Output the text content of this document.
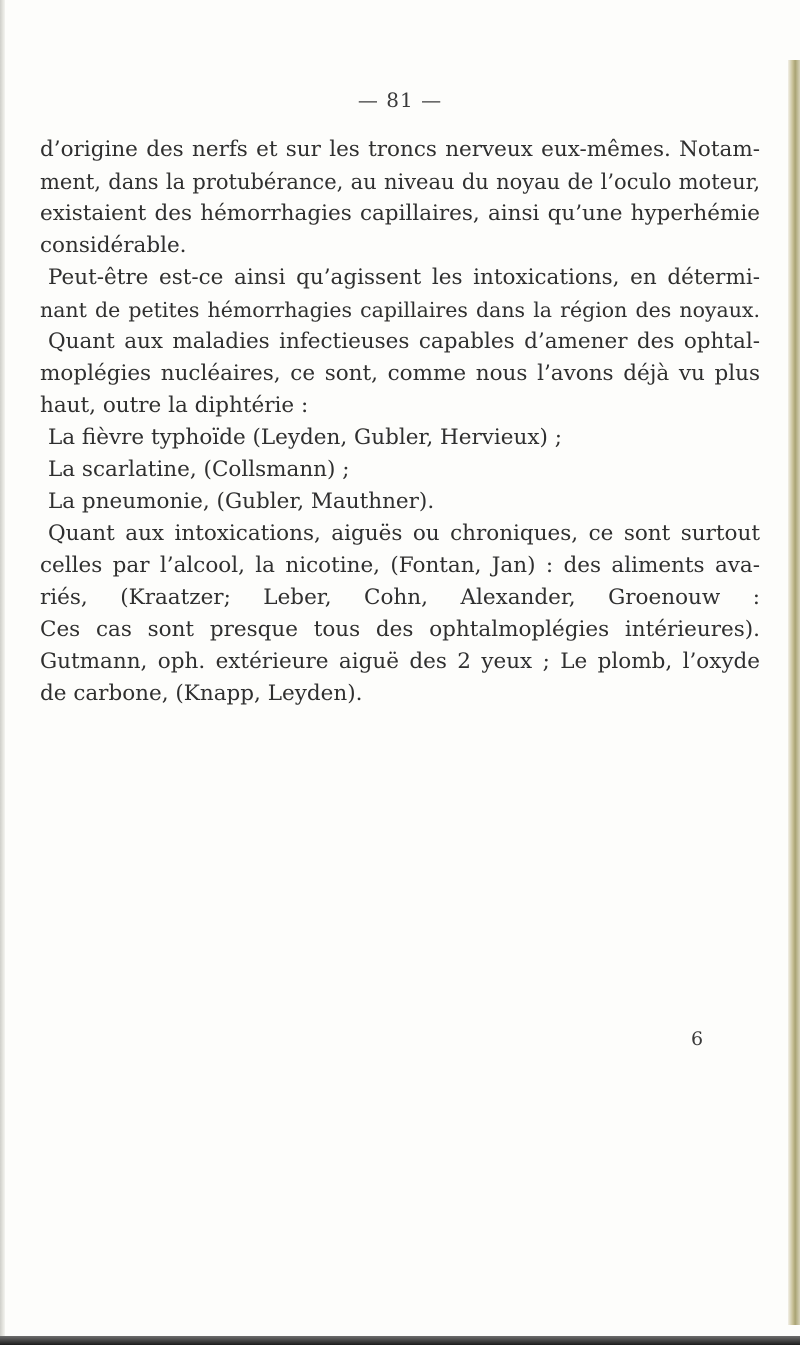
— 81 —
d’origine des nerfs et sur les troncs nerveux eux-mêmes. Notam-
ment, dans la protubérance, au niveau du noyau de l’oculo moteur,
existaient des hémorrhagies capillaires, ainsi qu’une hyperhémie
considérable.
Peut-être est-ce ainsi qu’agissent les intoxications, en détermi-
nant de petites hémorrhagies capillaires dans la région des noyaux.
Quant aux maladies infectieuses capables d’amener des ophtal-
moplégies nucléaires, ce sont, comme nous l’avons déjà vu plus
haut, outre la diphtérie :
La fièvre typhoïde (Leyden, Gubler, Hervieux) ;
La scarlatine, (Collsmann) ;
La pneumonie, (Gubler, Mauthner).
Quant aux intoxications, aiguës ou chroniques, ce sont surtout
celles par l’alcool, la nicotine, (Fontan, Jan) : des aliments ava-
riés, (Kraatzer; Leber, Cohn, Alexander, Groenouw :
Ces cas sont presque tous des ophtalmoplégies intérieures).
Gutmann, oph. extérieure aiguë des 2 yeux ; Le plomb, l’oxyde
de carbone, (Knapp, Leyden).
6
